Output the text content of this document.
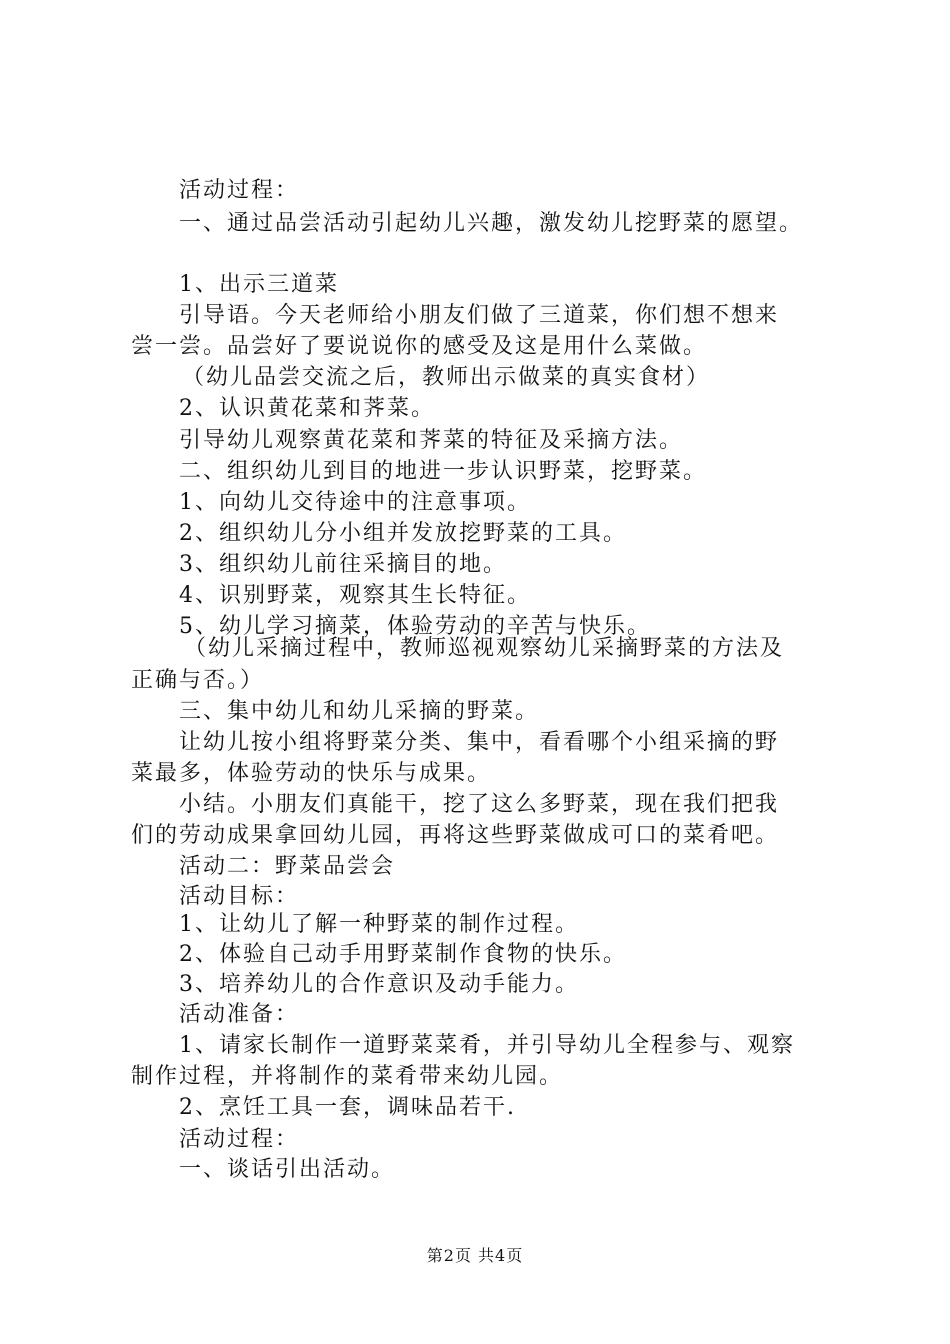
活动过程：
一、通过品尝活动引起幼儿兴趣，激发幼儿挖野菜的愿望。
1、出示三道菜
引导语。今天老师给小朋友们做了三道菜，你们想不想来
尝一尝。品尝好了要说说你的感受及这是用什么菜做。
（幼儿品尝交流之后，教师出示做菜的真实食材）
2、认识黄花菜和荠菜。
引导幼儿观察黄花菜和荠菜的特征及采摘方法。
二、组织幼儿到目的地进一步认识野菜，挖野菜。
1、向幼儿交待途中的注意事项。
2、组织幼儿分小组并发放挖野菜的工具。
3、组织幼儿前往采摘目的地。
4、识别野菜，观察其生长特征。
5、幼儿学习摘菜，体验劳动的辛苦与快乐。
（幼儿采摘过程中，教师巡视观察幼儿采摘野菜的方法及
正确与否。）
三、集中幼儿和幼儿采摘的野菜。
让幼儿按小组将野菜分类、集中，看看哪个小组采摘的野
菜最多，体验劳动的快乐与成果。
小结。小朋友们真能干，挖了这么多野菜，现在我们把我
们的劳动成果拿回幼儿园，再将这些野菜做成可口的菜肴吧。
活动二：野菜品尝会
活动目标：
1、让幼儿了解一种野菜的制作过程。
2、体验自己动手用野菜制作食物的快乐。
3、培养幼儿的合作意识及动手能力。
活动准备：
1、请家长制作一道野菜菜肴，并引导幼儿全程参与、观察
制作过程，并将制作的菜肴带来幼儿园。
2、烹饪工具一套，调味品若干.
活动过程：
一、谈话引出活动。
第2页 共4页
